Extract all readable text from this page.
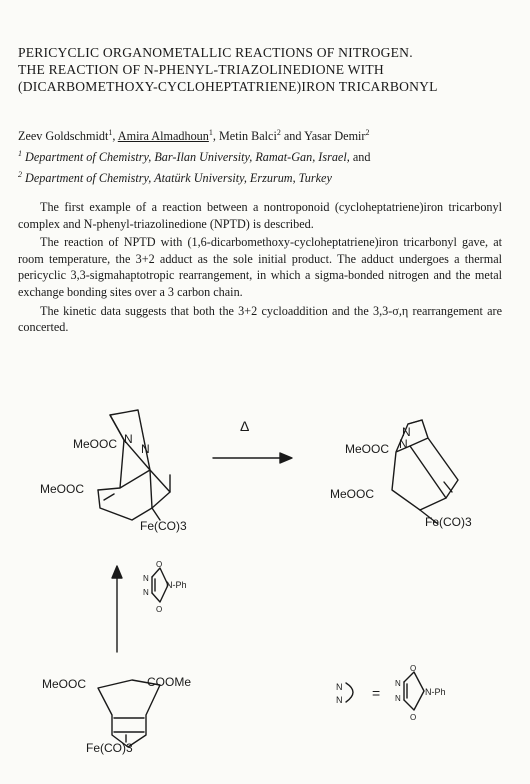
PERICYCLIC ORGANOMETALLIC REACTIONS OF NITROGEN.
THE REACTION OF N-PHENYL-TRIAZOLINEDIONE WITH
(DICARBOMETHOXY-CYCLOHEPTATRIENE)IRON TRICARBONYL
Zeev Goldschmidt$^1$, Amira Almadhoun$^1$, Metin Balci$^2$ and Yasar Demir$^2$
$^1$ Department of Chemistry, Bar-Ilan University, Ramat-Gan, Israel, and
$^2$ Department of Chemistry, Atatürk University, Erzurum, Turkey

The first example of a reaction between a nontroponoid (cycloheptatriene)iron tricarbonyl complex and N-phenyl-triazolinedione (NPTD) is described.

The reaction of NPTD with (1,6-dicarbomethoxy-cycloheptatriene)iron tricarbonyl gave, at room temperature, the 3+2 adduct as the sole initial product. The adduct undergoes a thermal pericyclic 3,3-sigmahaptotropic rearrangement, in which a sigma-bonded nitrogen and the metal exchange bonding sites over a 3 carbon chain.

The kinetic data suggests that both the 3+2 cycloaddition and the 3,3-σ,η rearrangement are concerted.

MeOOC
MeOOC
N
N
Fe(CO)3
Δ
MeOOC
MeOOC
N
N
Fe(CO)3
O
O
N
N
N-Ph
MeOOC	COOMe
Fe(CO)3
N
N =
O
O
N
N
N-Ph
